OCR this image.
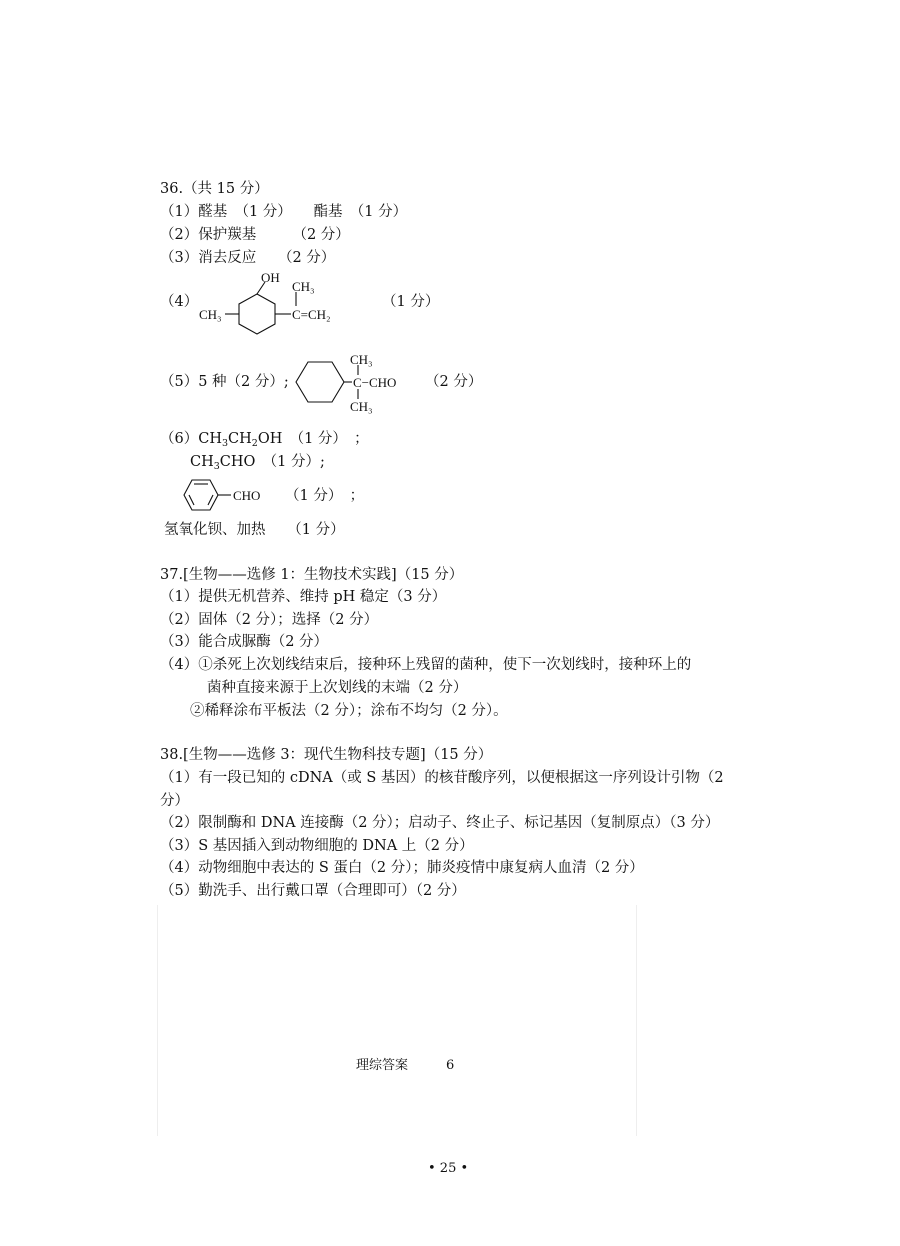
36.（共 15 分）
（1）醛基　（1 分）　　酯基　（1 分）
（2）保护羰基　　　（2 分）
（3）消去反应　　（2 分）
（4）
OH
CH₃
CH₃
C=CH₂
（1 分）
（5）5 种（2 分）;
CH₃
C−CHO
CH₃
（2 分）
$(6)CH_3CH_2OH$　（1 分）　；
$CH_3CHO$　（1 分）;
CHO （1 分）　；
氢氧化钡、加热　　（1 分）
37.[生物——选修 1：生物技术实践]（15 分）
（1）提供无机营养、维持 pH 稳定（3 分）
（2）固体（2 分）；选择（2 分）
（3）能合成脲酶（2 分）
（4）①杀死上次划线结束后，接种环上残留的菌种，使下一次划线时，接种环上的
菌种直接来源于上次划线的末端（2 分）
②稀释涂布平板法（2 分）；涂布不均匀（2 分）。
38.[生物——选修 3：现代生物科技专题]（15 分）
（1）有一段已知的 cDNA（或 S 基因）的核苷酸序列，以便根据这一序列设计引物（2
分）
（2）限制酶和 DNA 连接酶（2 分）；启动子、终止子、标记基因（复制原点）（3 分）
（3）S 基因插入到动物细胞的 DNA 上（2 分）
（4）动物细胞中表达的 S 蛋白（2 分）；肺炎疫情中康复病人血清（2 分）
（5）勤洗手、出行戴口罩（合理即可）（2 分）
理综答案	6
• 25 •
